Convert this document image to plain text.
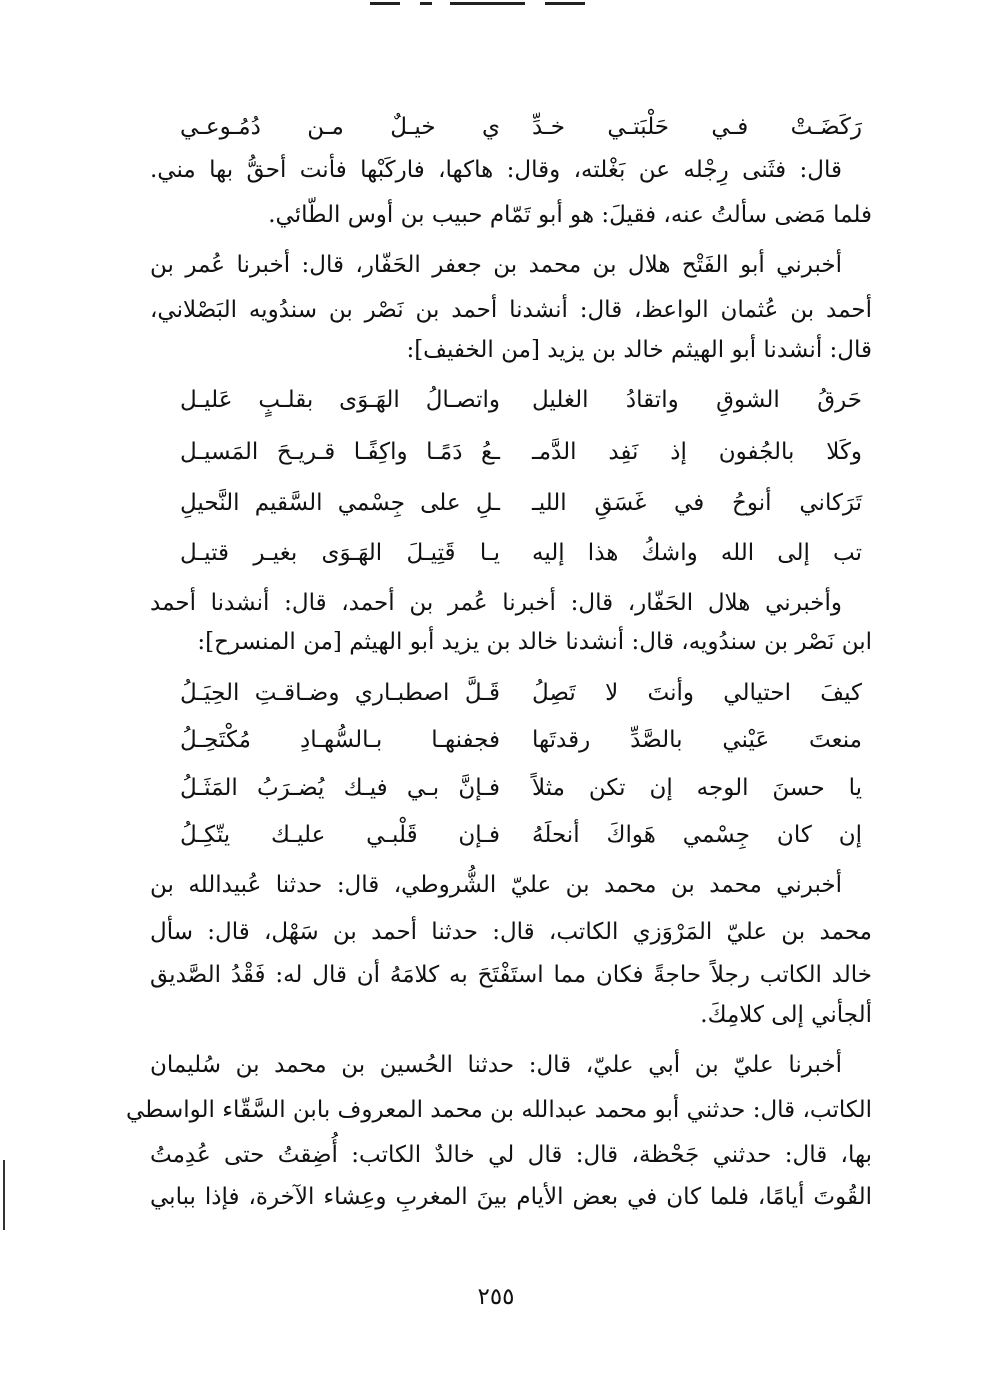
رَكَضَـتْ فـي حَلْبَتـي خـدِّ
ي خيـلٌ مـن دُمُـوعـي
قال: فثَنى رِجْله عن بَغْلته، وقال: هاكها، فاركَبْها فأنت أحقُّ بها مني.
فلما مَضى سألتُ عنه، فقيلَ: هو أبو تَمّام حبيب بن أوس الطّائي.
أخبرني أبو الفَتْح هلال بن محمد بن جعفر الحَفّار، قال: أخبرنا عُمر بن
أحمد بن عُثمان الواعظ، قال: أنشدنا أحمد بن نَصْر بن سندُويه البَصْلاني،
قال: أنشدنا أبو الهيثم خالد بن يزيد [من الخفيف]:
حَرقُ الشوقِ واتقادُ الغليل
واتصـالُ الهَـوَى بقلـبٍ عَليـل
وكَلا بالجُفون إذ نَفِد الدَّمـ
ـعُ دَمًـا واكِفًـا قـريـحَ المَسيـل
تَرَكاني أنوحُ في غَسَقِ الليـ
ـلِ على جِسْمي السَّقيم النَّحيلِ
تب إلى الله واشكُ هذا إليه
يـا قَتِيـلَ الهَـوَى بغيـر قتيـل
وأخبرني هلال الحَفّار، قال: أخبرنا عُمر بن أحمد، قال: أنشدنا أحمد
ابن نَصْر بن سندُويه، قال: أنشدنا خالد بن يزيد أبو الهيثم [من المنسرح]:
كيفَ احتيالي وأنتَ لا تَصِلُ
قَـلَّ اصطبـاري وضـاقـتِ الحِيَـلُ
منعتَ عَيْني بالصَّدِّ رقدتَها
فجفنهـا بـالسُّهـادِ مُكْتَحِـلُ
يا حسنَ الوجه إن تكن مثلاً
فـإنَّ بـي فيـك يُضـرَبُ المَثَـلُ
إن كان جِسْمي هَواكَ أنحلَهُ
فـإن قَلْبـي عليـك يتّكِـلُ
أخبرني محمد بن محمد بن عليّ الشُّروطي، قال: حدثنا عُبيدالله بن
محمد بن عليّ المَرْوَزي الكاتب، قال: حدثنا أحمد بن سَهْل، قال: سأل
خالد الكاتب رجلاً حاجةً فكان مما استَفْتَحَ به كلامَهُ أن قال له: فَقْدُ الصَّديق
ألجأني إلى كلامِكَ.
أخبرنا عليّ بن أبي عليّ، قال: حدثنا الحُسين بن محمد بن سُليمان
الكاتب، قال: حدثني أبو محمد عبدالله بن محمد المعروف بابن السَّقّاء الواسطي
بها، قال: حدثني جَحْظة، قال: قال لي خالدٌ الكاتب: أُضِقتُ حتى عُدِمتُ
القُوتَ أيامًا، فلما كان في بعض الأيام بينَ المغربِ وعِشاء الآخرة، فإذا ببابي
٢٥٥
